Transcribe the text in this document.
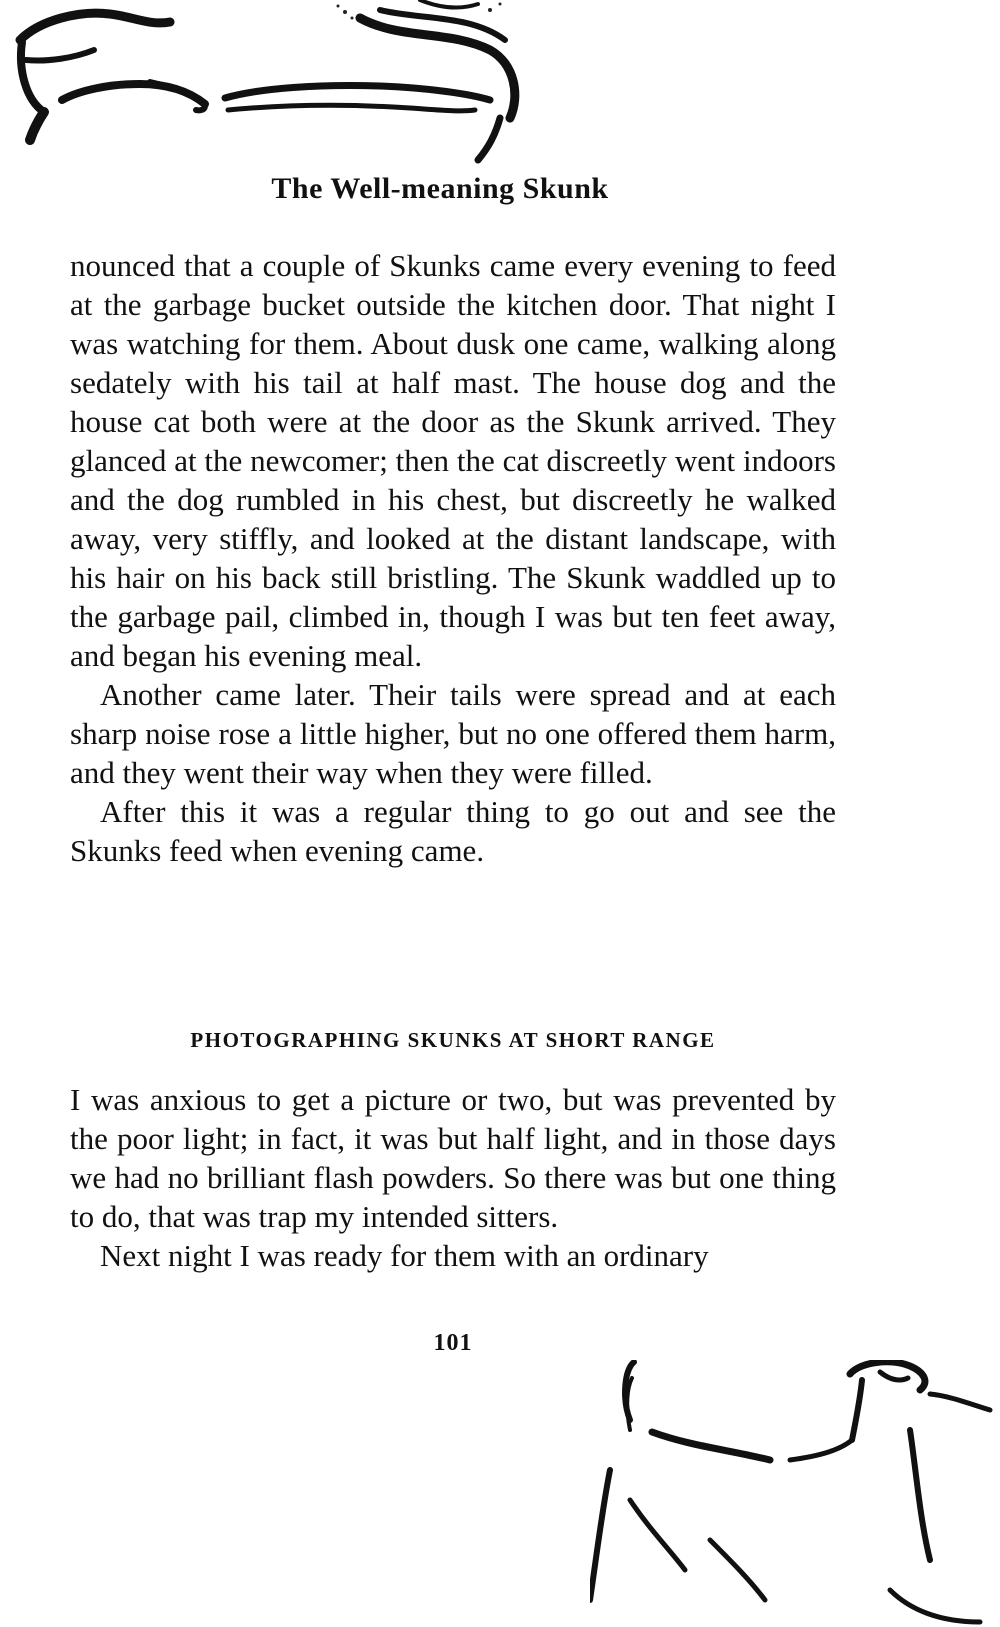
The Well-meaning Skunk

nounced that a couple of Skunks came every evening to feed at the garbage bucket outside the kitchen door. That night I was watching for them. About dusk one came, walking along sedately with his tail at half mast. The house dog and the house cat both were at the door as the Skunk arrived. They glanced at the newcomer; then the cat discreetly went indoors and the dog rumbled in his chest, but discreetly he walked away, very stiffly, and looked at the distant landscape, with his hair on his back still bristling. The Skunk waddled up to the garbage pail, climbed in, though I was but ten feet away, and began his evening meal.

Another came later. Their tails were spread and at each sharp noise rose a little higher, but no one offered them harm, and they went their way when they were filled.

After this it was a regular thing to go out and see the Skunks feed when evening came.

PHOTOGRAPHING SKUNKS AT SHORT RANGE

I was anxious to get a picture or two, but was prevented by the poor light; in fact, it was but half light, and in those days we had no brilliant flash powders. So there was but one thing to do, that was trap my intended sitters.

Next night I was ready for them with an ordinary

101
